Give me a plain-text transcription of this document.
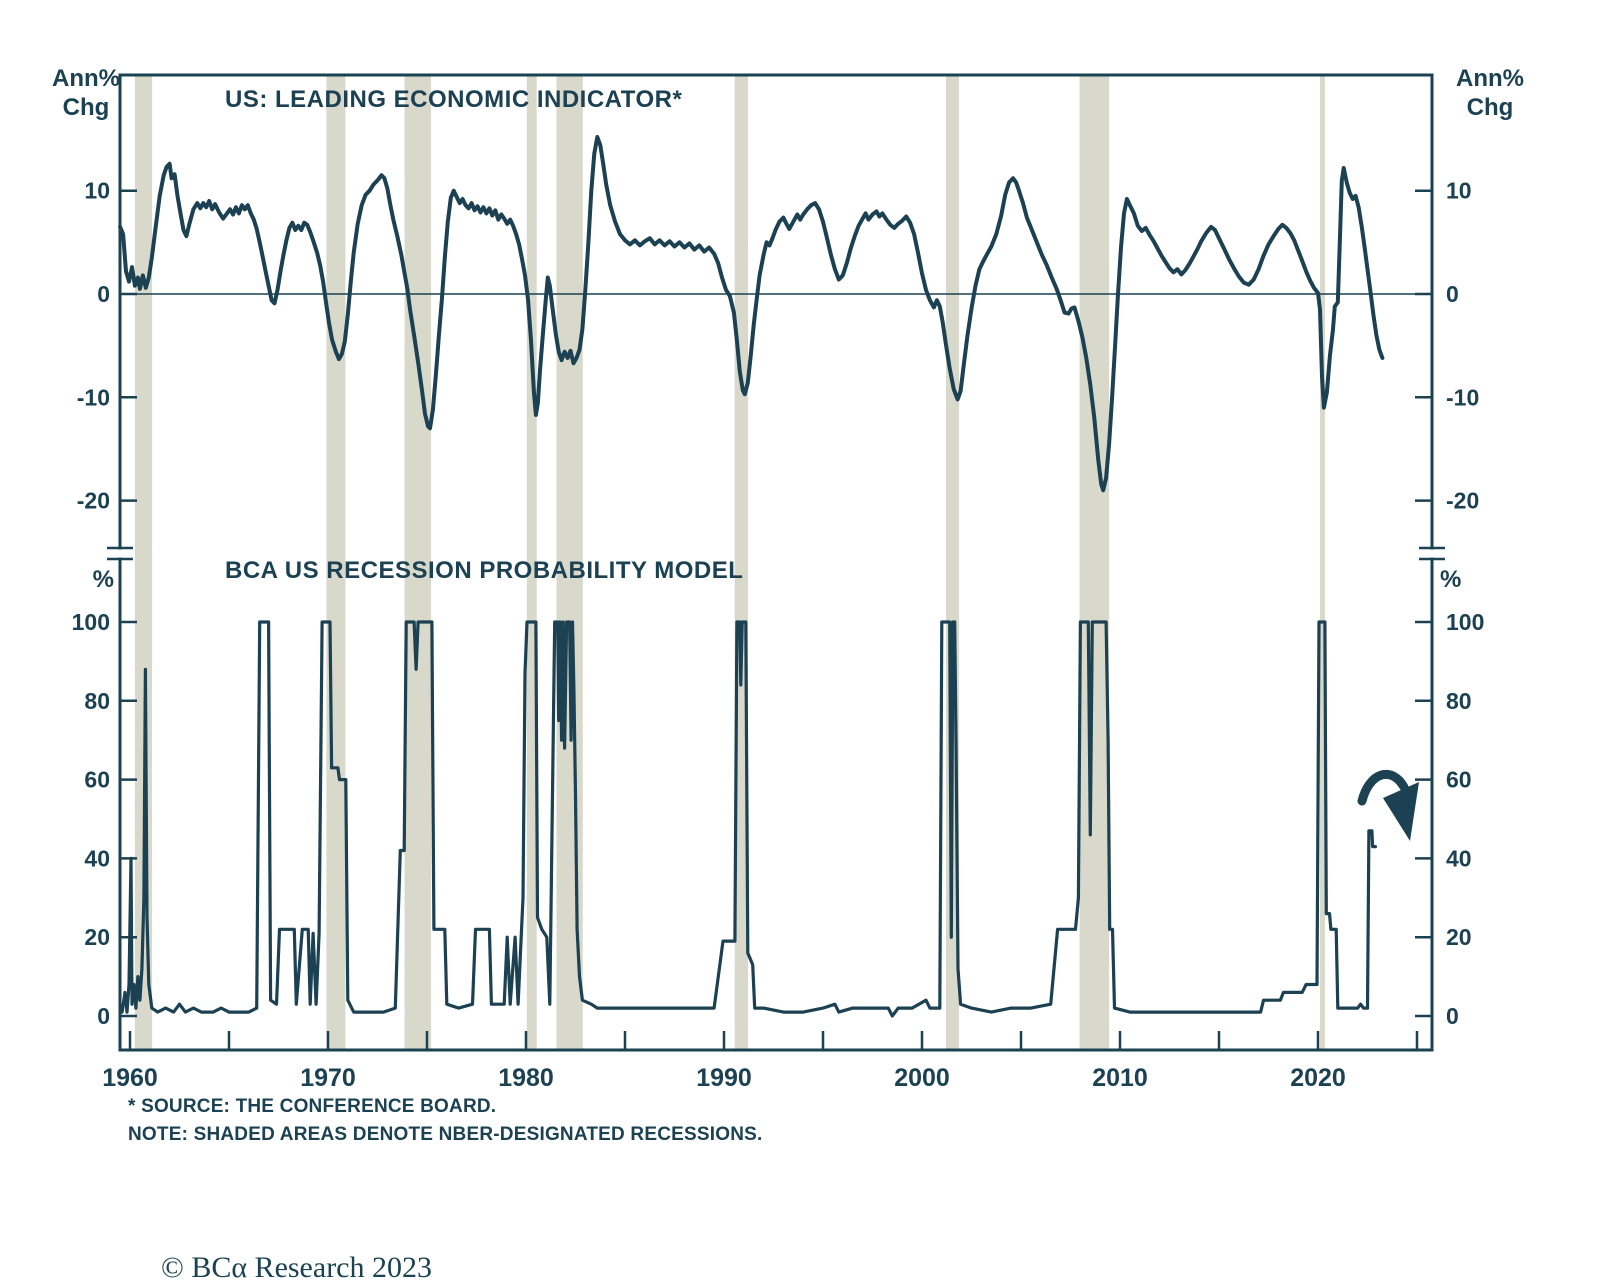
1960	1970	1980	1990	2000	2010	2020
10	10
0	0
-10	-10
-20	-20
100	100
80	80
60	60
40	40
20	20
0	0
US: LEADING ECONOMIC INDICATOR*
BCA US RECESSION PROBABILITY MODEL
Ann%
Chg
Ann%
Chg
%	%
* SOURCE: THE CONFERENCE BOARD.
NOTE: SHADED AREAS DENOTE NBER-DESIGNATED RECESSIONS.
© BCα Research 2023
